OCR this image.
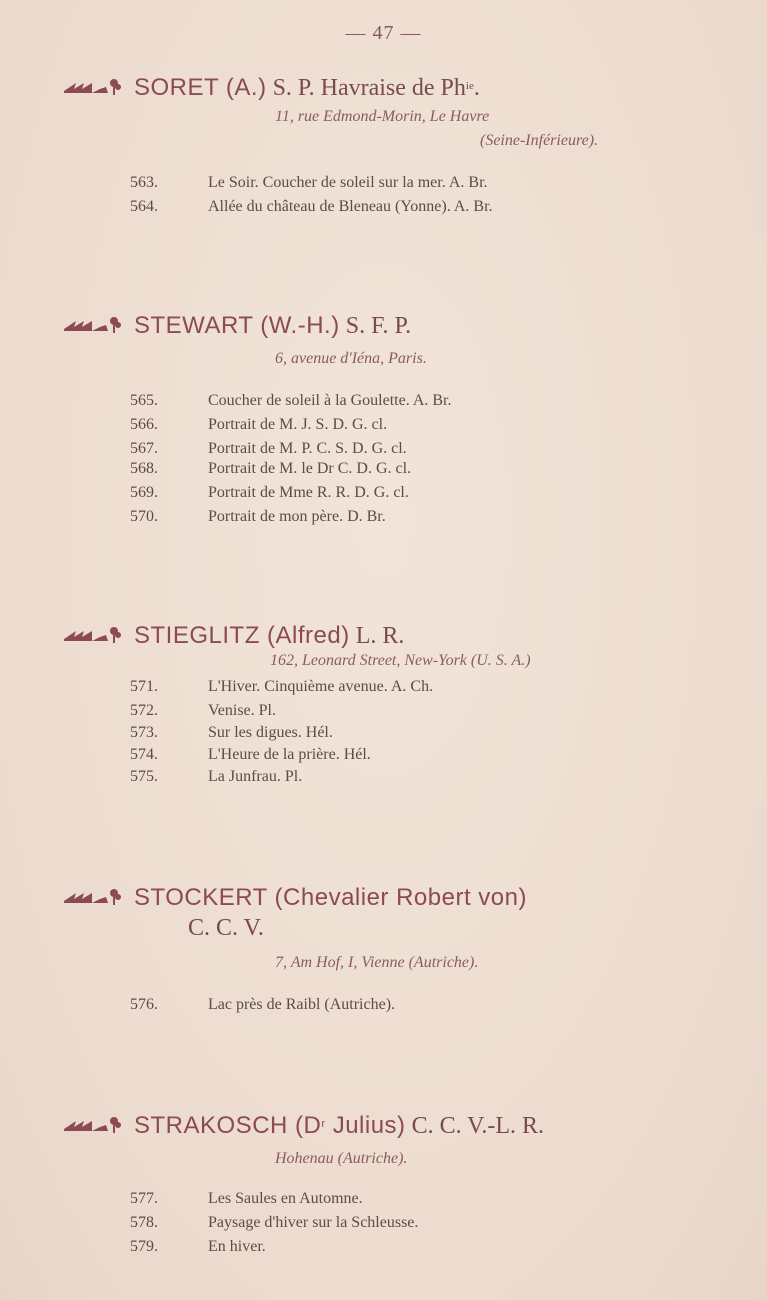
— 47 —
SORET (A.) S. P. Havraise de $Ph^{ie}$.
11, rue Edmond-Morin, Le Havre
(Seine-Inférieure).
563.	Le Soir. Coucher de soleil sur la mer. A. Br.
564.	Allée du château de Bleneau (Yonne). A. Br.
STEWART (W.-H.) S. F. P.
6, avenue d'Iéna, Paris.
565.	Coucher de soleil à la Goulette. A. Br.
566.	Portrait de M. J. S. D. G. cl.
567.	Portrait de M. P. C. S. D. G. cl.
568.	Portrait de M. le Dr C. D. G. cl.
569.	Portrait de Mme R. R. D. G. cl.
570.	Portrait de mon père. D. Br.
STIEGLITZ (Alfred) L. R.
162, Leonard Street, New-York (U. S. A.)
571.	L'Hiver. Cinquième avenue. A. Ch.
572.	Venise. Pl.
573.	Sur les digues. Hél.
574.	L'Heure de la prière. Hél.
575.	La Junfrau. Pl.
STOCKERT (Chevalier Robert von)
C. C. V.
7, Am Hof, I, Vienne (Autriche).
576.	Lac près de Raibl (Autriche).
STRAKOSCH ($D^r$ Julius) C. C. V.-L. R.
Hohenau (Autriche).
577.	Les Saules en Automne.
578.	Paysage d'hiver sur la Schleusse.
579.	En hiver.
